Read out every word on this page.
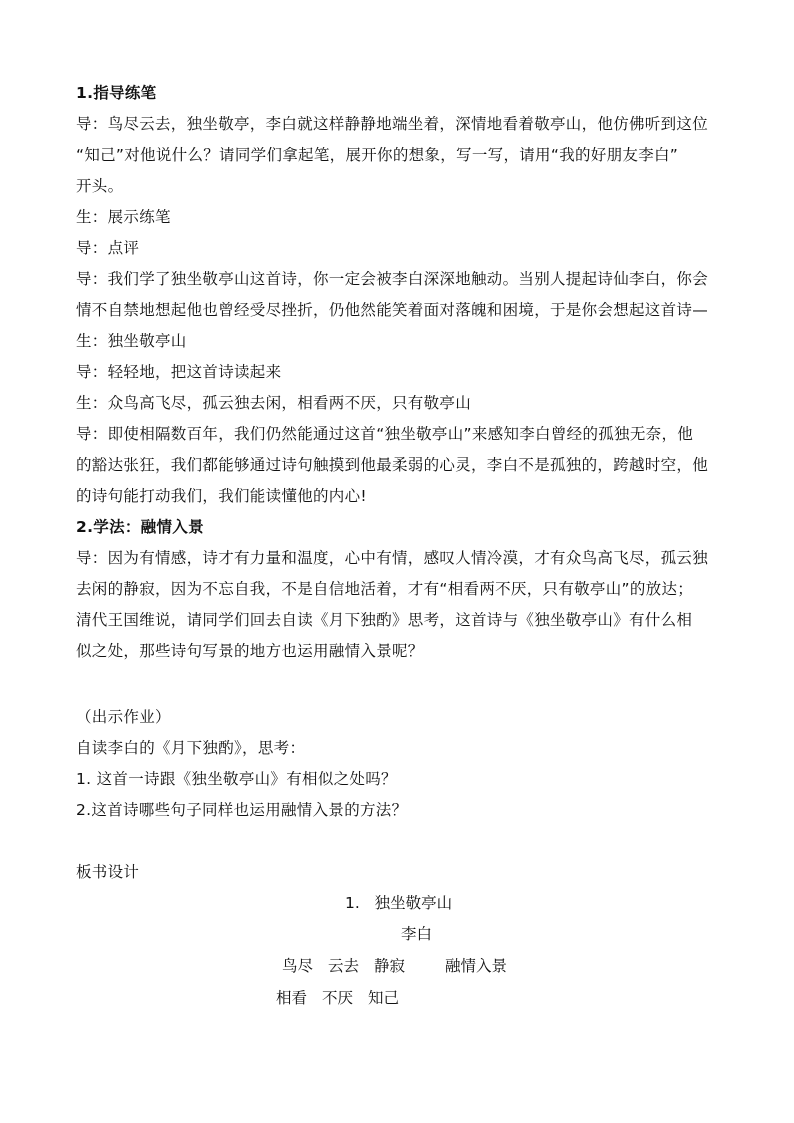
1.指导练笔
导：鸟尽云去，独坐敬亭，李白就这样静静地端坐着，深情地看着敬亭山，他仿佛听到这位
“知己”对他说什么？请同学们拿起笔，展开你的想象，写一写，请用“我的好朋友李白”
开头。
生：展示练笔
导：点评
导：我们学了独坐敬亭山这首诗，你一定会被李白深深地触动。当别人提起诗仙李白，你会
情不自禁地想起他也曾经受尽挫折，仍他然能笑着面对落魄和困境，于是你会想起这首诗—
生：独坐敬亭山
导：轻轻地，把这首诗读起来
生：众鸟高飞尽，孤云独去闲，相看两不厌，只有敬亭山
导：即使相隔数百年，我们仍然能通过这首“独坐敬亭山”来感知李白曾经的孤独无奈，他
的豁达张狂，我们都能够通过诗句触摸到他最柔弱的心灵，李白不是孤独的，跨越时空，他
的诗句能打动我们，我们能读懂他的内心!
2.学法：融情入景
导：因为有情感，诗才有力量和温度，心中有情，感叹人情冷漠，才有众鸟高飞尽，孤云独
去闲的静寂，因为不忘自我，不是自信地活着，才有“相看两不厌，只有敬亭山”的放达；
清代王国维说，请同学们回去自读《月下独酌》思考，这首诗与《独坐敬亭山》有什么相
似之处，那些诗句写景的地方也运用融情入景呢？
（出示作业）
自读李白的《月下独酌》，思考：
1. 这首一诗跟《独坐敬亭山》有相似之处吗？
2.这首诗哪些句子同样也运用融情入景的方法？
板书设计
1.   独坐敬亭山
李白
鸟尽 云去 静寂	融情入景
相看 不厌 知己
